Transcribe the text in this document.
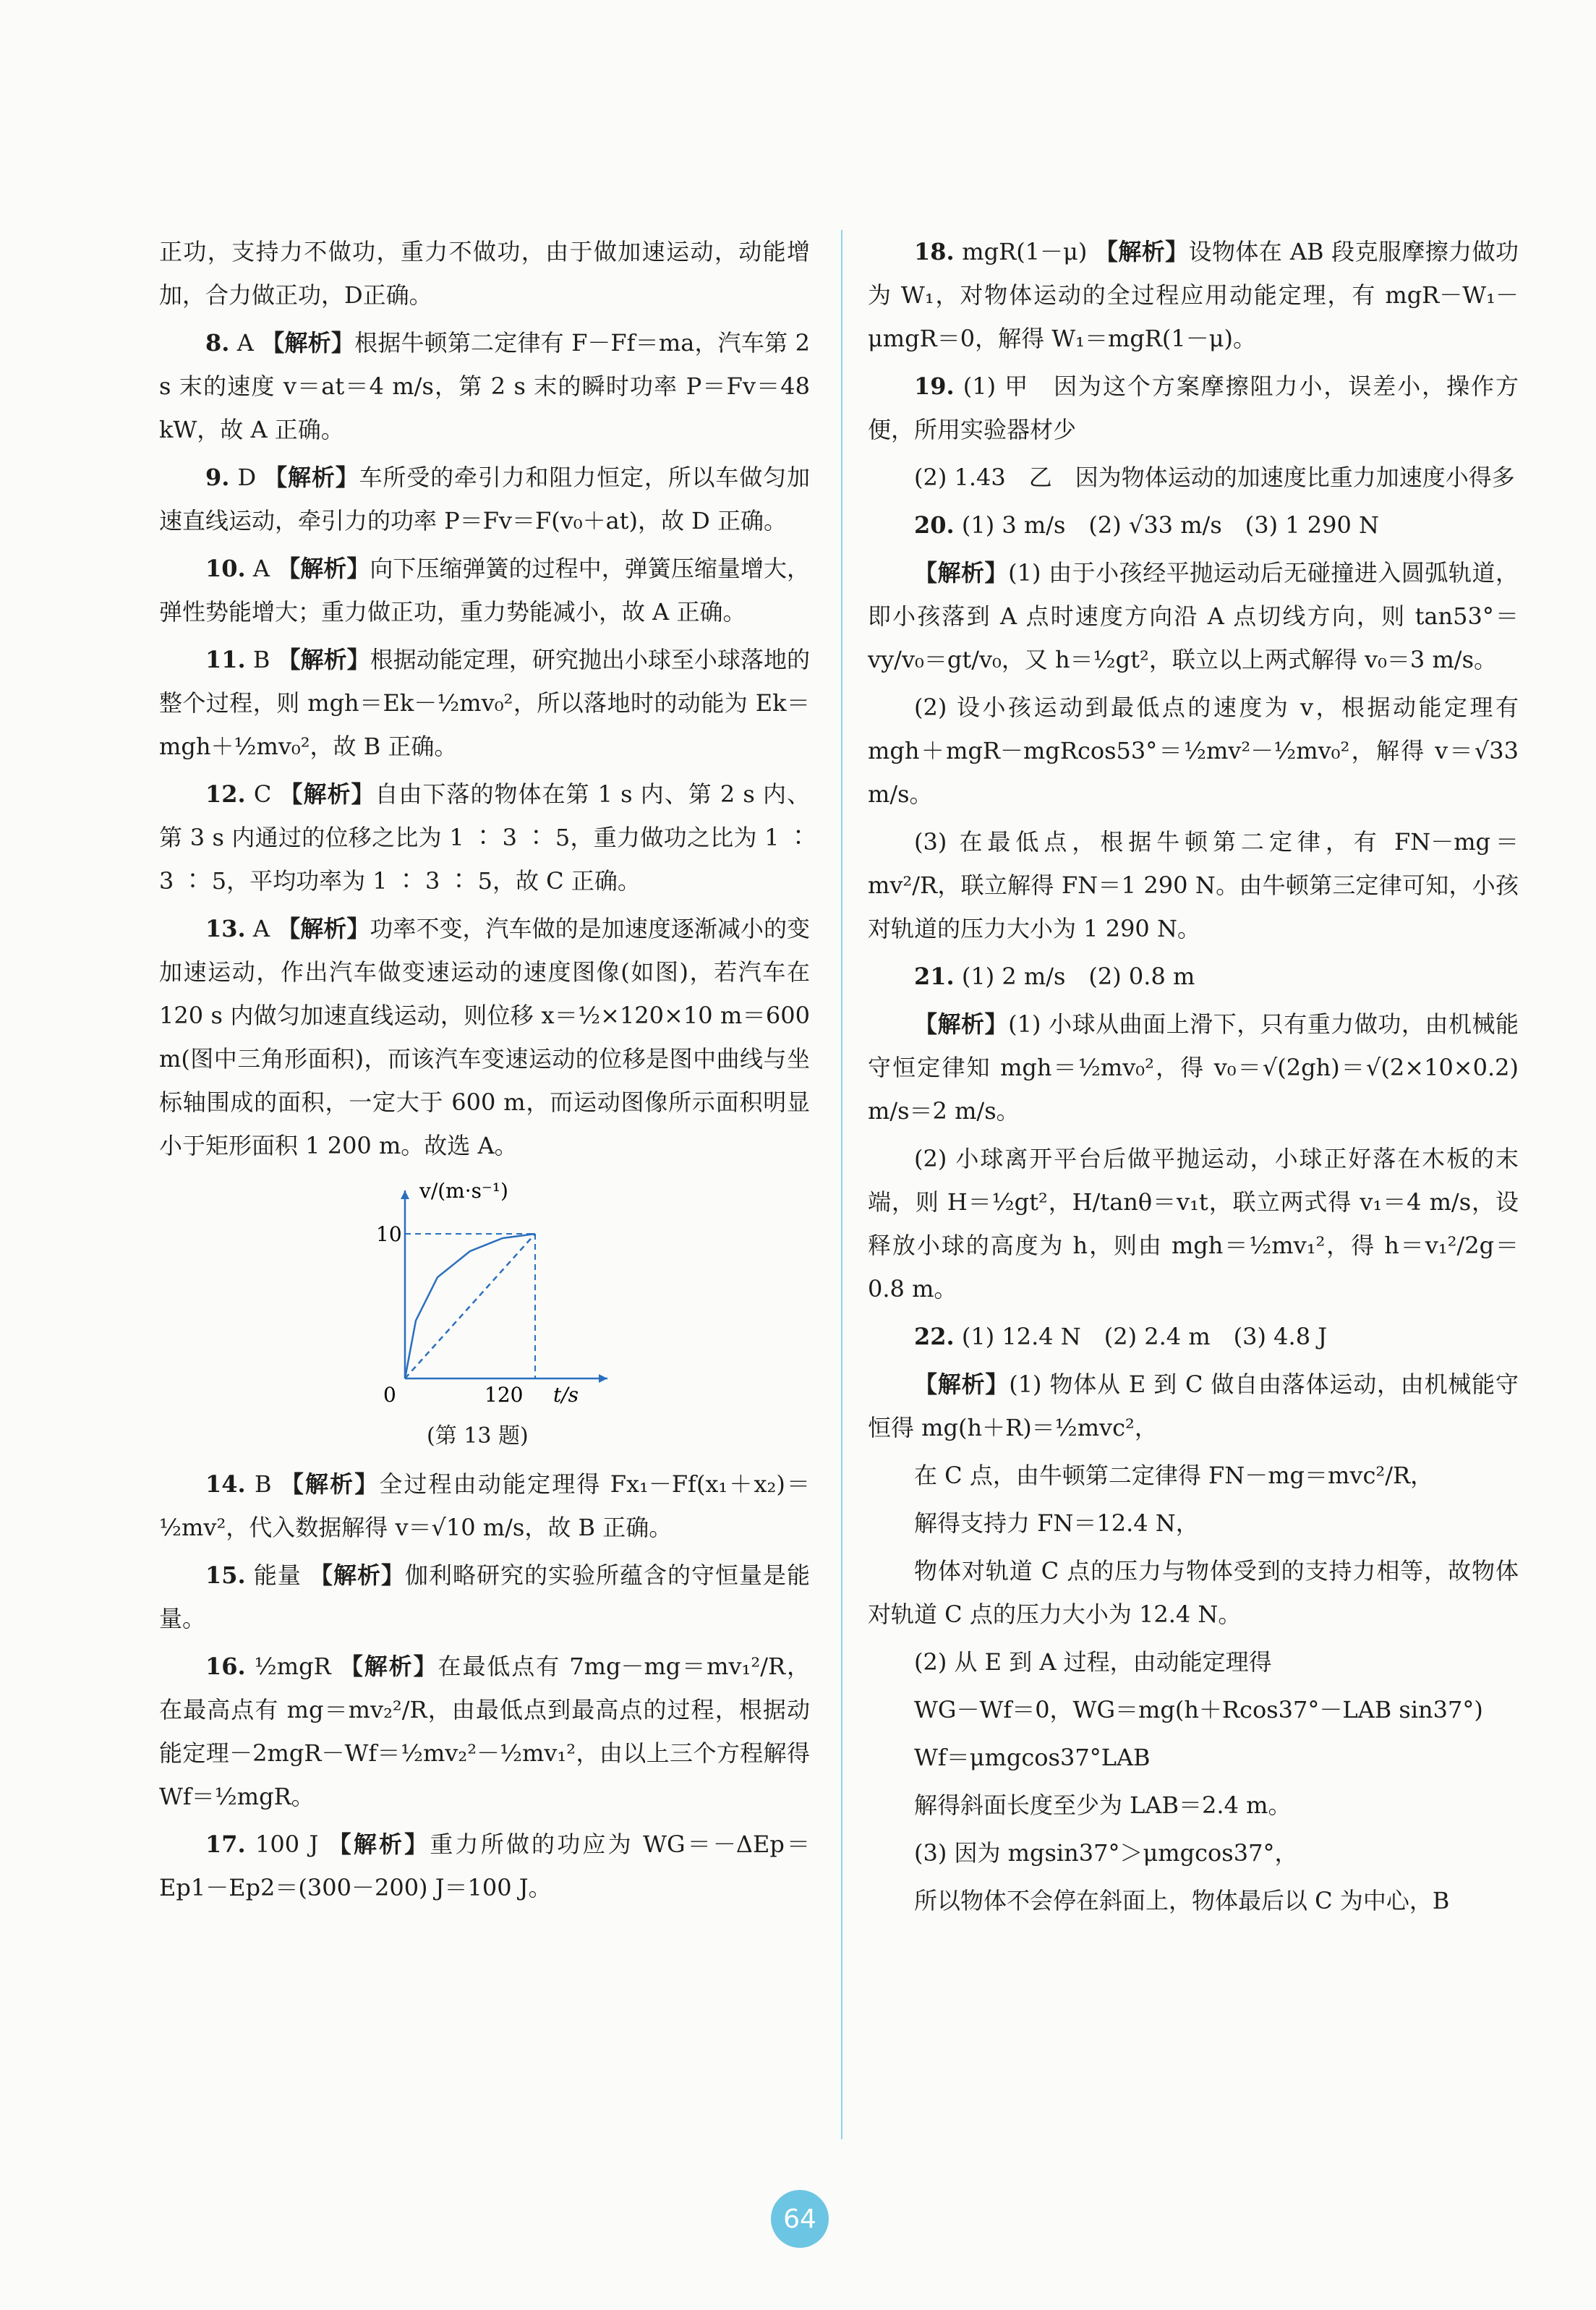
正功，支持力不做功，重力不做功，由于做加速运动，动能增加，合力做正功，D正确。

8. A 【解析】根据牛顿第二定律有 F－Ff＝ma，汽车第 2 s 末的速度 v＝at＝4 m/s，第 2 s 末的瞬时功率 P＝Fv＝48 kW，故 A 正确。

9. D 【解析】车所受的牵引力和阻力恒定，所以车做匀加速直线运动，牵引力的功率 P＝Fv＝F(v₀＋at)，故 D 正确。

10. A 【解析】向下压缩弹簧的过程中，弹簧压缩量增大，弹性势能增大；重力做正功，重力势能减小，故 A 正确。

11. B 【解析】根据动能定理，研究抛出小球至小球落地的整个过程，则 mgh＝Ek－½mv₀²，所以落地时的动能为 Ek＝mgh＋½mv₀²，故 B 正确。

12. C 【解析】自由下落的物体在第 1 s 内、第 2 s 内、第 3 s 内通过的位移之比为 1 ∶ 3 ∶ 5，重力做功之比为 1 ∶ 3 ∶ 5，平均功率为 1 ∶ 3 ∶ 5，故 C 正确。

13. A 【解析】功率不变，汽车做的是加速度逐渐减小的变加速运动，作出汽车做变速运动的速度图像(如图)，若汽车在 120 s 内做匀加速直线运动，则位移 x＝½×120×10 m＝600 m(图中三角形面积)，而该汽车变速运动的位移是图中曲线与坐标轴围成的面积，一定大于 600 m，而运动图像所示面积明显小于矩形面积 1 200 m。故选 A。

v/(m·s⁻¹)
t/s
10
120
0
(第 13 题)

14. B 【解析】全过程由动能定理得 Fx₁－Ff(x₁＋x₂)＝½mv²，代入数据解得 v＝√10 m/s，故 B 正确。

15. 能量 【解析】伽利略研究的实验所蕴含的守恒量是能量。

16. ½mgR 【解析】在最低点有 7mg－mg＝mv₁²/R，在最高点有 mg＝mv₂²/R，由最低点到最高点的过程，根据动能定理－2mgR－Wf＝½mv₂²－½mv₁²，由以上三个方程解得 Wf＝½mgR。

17. 100 J 【解析】重力所做的功应为 WG＝－ΔEp＝Ep1－Ep2＝(300－200) J＝100 J。

18. mgR(1－μ) 【解析】设物体在 AB 段克服摩擦力做功为 W₁，对物体运动的全过程应用动能定理，有 mgR－W₁－μmgR＝0，解得 W₁＝mgR(1－μ)。

19. (1) 甲　因为这个方案摩擦阻力小，误差小，操作方便，所用实验器材少

(2) 1.43　乙　因为物体运动的加速度比重力加速度小得多

20. (1) 3 m/s　(2) √33 m/s　(3) 1 290 N

【解析】(1) 由于小孩经平抛运动后无碰撞进入圆弧轨道，即小孩落到 A 点时速度方向沿 A 点切线方向，则 tan53°＝vy/v₀＝gt/v₀，又 h＝½gt²，联立以上两式解得 v₀＝3 m/s。

(2) 设小孩运动到最低点的速度为 v，根据动能定理有 mgh＋mgR－mgRcos53°＝½mv²－½mv₀²，解得 v＝√33 m/s。

(3) 在最低点，根据牛顿第二定律，有 FN－mg＝mv²/R，联立解得 FN＝1 290 N。由牛顿第三定律可知，小孩对轨道的压力大小为 1 290 N。

21. (1) 2 m/s　(2) 0.8 m

【解析】(1) 小球从曲面上滑下，只有重力做功，由机械能守恒定律知 mgh＝½mv₀²，得 v₀＝√(2gh)＝√(2×10×0.2) m/s＝2 m/s。

(2) 小球离开平台后做平抛运动，小球正好落在木板的末端，则 H＝½gt²，H/tanθ＝v₁t，联立两式得 v₁＝4 m/s，设释放小球的高度为 h，则由 mgh＝½mv₁²，得 h＝v₁²/2g＝0.8 m。

22. (1) 12.4 N　(2) 2.4 m　(3) 4.8 J

【解析】(1) 物体从 E 到 C 做自由落体运动，由机械能守恒得 mg(h＋R)＝½mvc²，

在 C 点，由牛顿第二定律得 FN－mg＝mvc²/R，

解得支持力 FN＝12.4 N，

物体对轨道 C 点的压力与物体受到的支持力相等，故物体对轨道 C 点的压力大小为 12.4 N。

(2) 从 E 到 A 过程，由动能定理得

WG－Wf＝0，WG＝mg(h＋Rcos37°－LAB sin37°)

Wf＝μmgcos37°LAB

解得斜面长度至少为 LAB＝2.4 m。

(3) 因为 mgsin37°＞μmgcos37°，

所以物体不会停在斜面上，物体最后以 C 为中心，B

64
